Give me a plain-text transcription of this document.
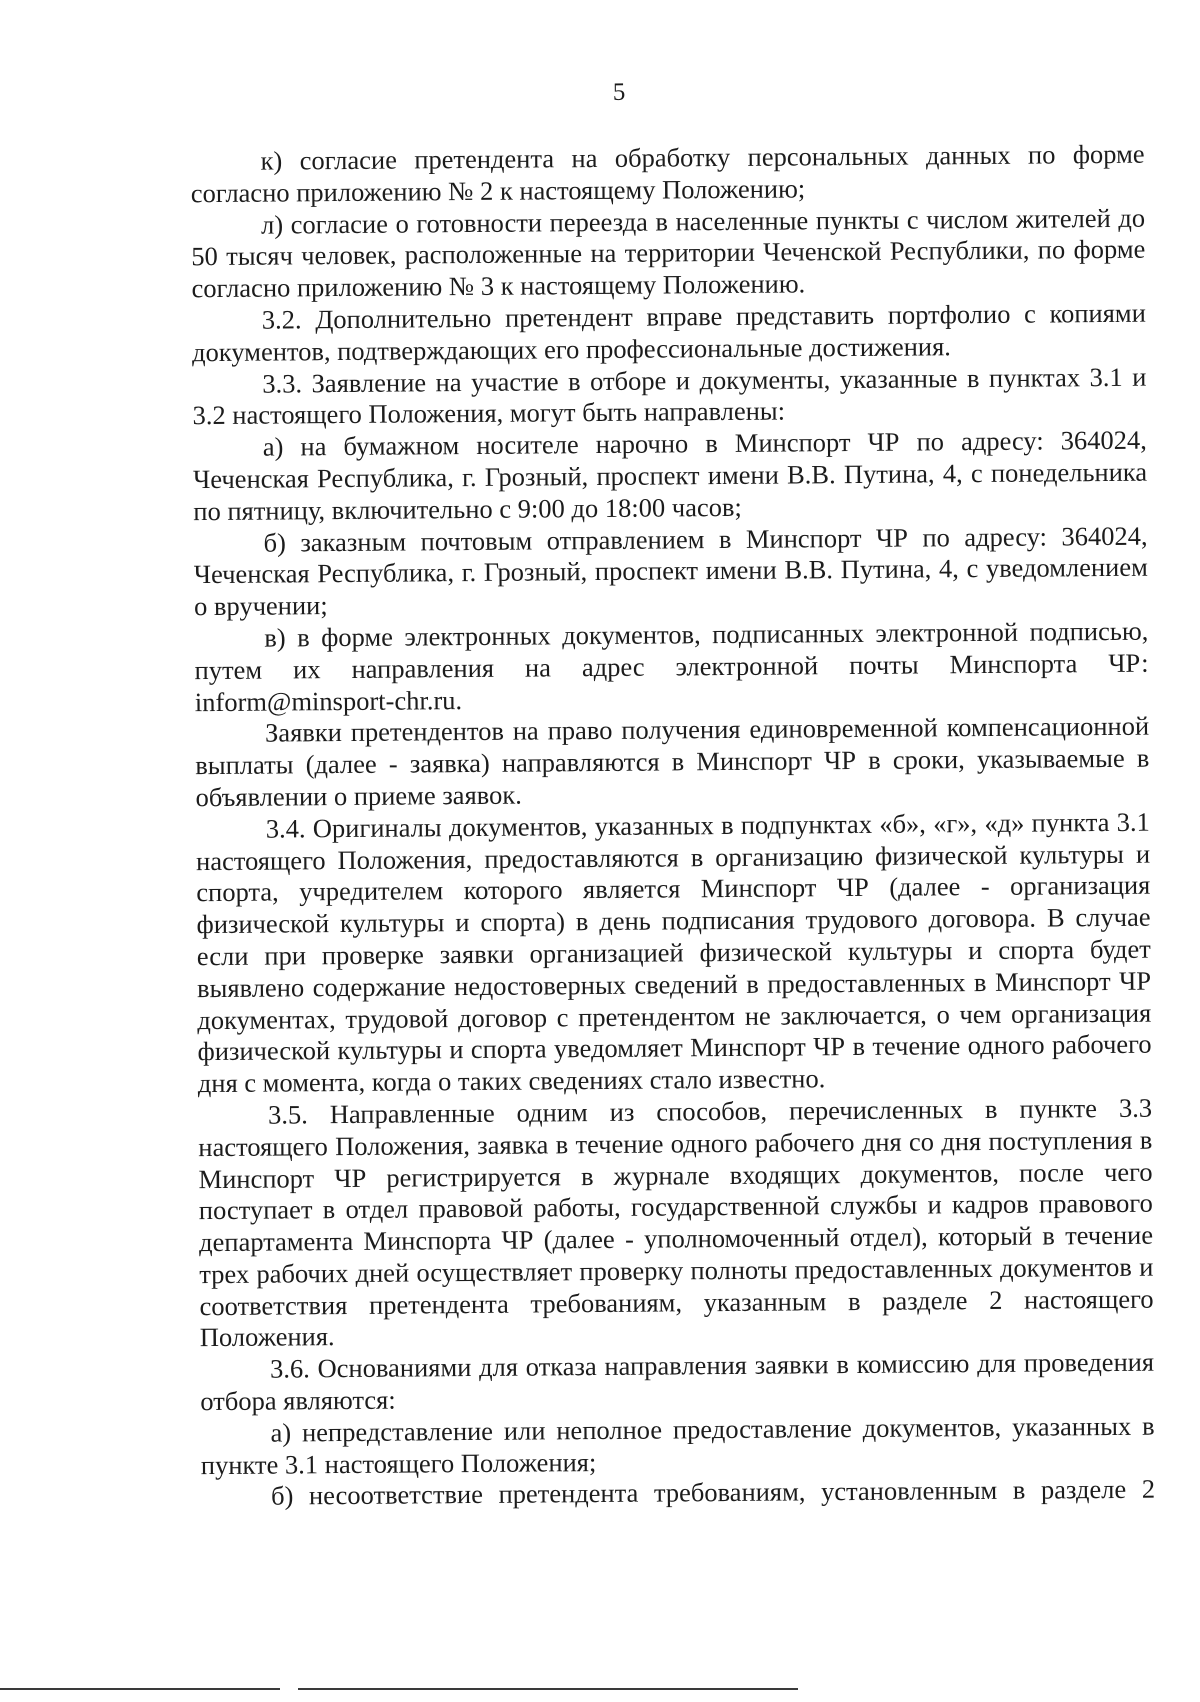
5

к) согласие претендента на обработку персональных данных по форме согласно приложению № 2 к настоящему Положению;

л) согласие о готовности переезда в населенные пункты с числом жителей до 50 тысяч человек, расположенные на территории Чеченской Республики, по форме согласно приложению № 3 к настоящему Положению.

3.2. Дополнительно претендент вправе представить портфолио с копиями документов, подтверждающих его профессиональные достижения.

3.3. Заявление на участие в отборе и документы, указанные в пунктах 3.1 и 3.2 настоящего Положения, могут быть направлены:

а) на бумажном носителе нарочно в Минспорт ЧР по адресу: 364024, Чеченская Республика, г. Грозный, проспект имени В.В. Путина, 4, с понедельника по пятницу, включительно с 9:00 до 18:00 часов;

б) заказным почтовым отправлением в Минспорт ЧР по адресу: 364024, Чеченская Республика, г. Грозный, проспект имени В.В. Путина, 4, с уведомлением о вручении;

в) в форме электронных документов, подписанных электронной подписью, путем их направления на адрес электронной почты Минспорта ЧР: inform@minsport-chr.ru.

Заявки претендентов на право получения единовременной компенсационной выплаты (далее - заявка) направляются в Минспорт ЧР в сроки, указываемые в объявлении о приеме заявок.

3.4. Оригиналы документов, указанных в подпунктах «б», «г», «д» пункта 3.1 настоящего Положения, предоставляются в организацию физической культуры и спорта, учредителем которого является Минспорт ЧР (далее - организация физической культуры и спорта) в день подписания трудового договора. В случае если при проверке заявки организацией физической культуры и спорта будет выявлено содержание недостоверных сведений в предоставленных в Минспорт ЧР документах, трудовой договор с претендентом не заключается, о чем организация физической культуры и спорта уведомляет Минспорт ЧР в течение одного рабочего дня с момента, когда о таких сведениях стало известно.

3.5. Направленные одним из способов, перечисленных в пункте 3.3 настоящего Положения, заявка в течение одного рабочего дня со дня поступления в Минспорт ЧР регистрируется в журнале входящих документов, после чего поступает в отдел правовой работы, государственной службы и кадров правового департамента Минспорта ЧР (далее - уполномоченный отдел), который в течение трех рабочих дней осуществляет проверку полноты предоставленных документов и соответствия претендента требованиям, указанным в разделе 2 настоящего Положения.

3.6. Основаниями для отказа направления заявки в комиссию для проведения отбора являются:

а) непредставление или неполное предоставление документов, указанных в пункте 3.1 настоящего Положения;

б) несоответствие претендента требованиям, установленным в разделе 2
